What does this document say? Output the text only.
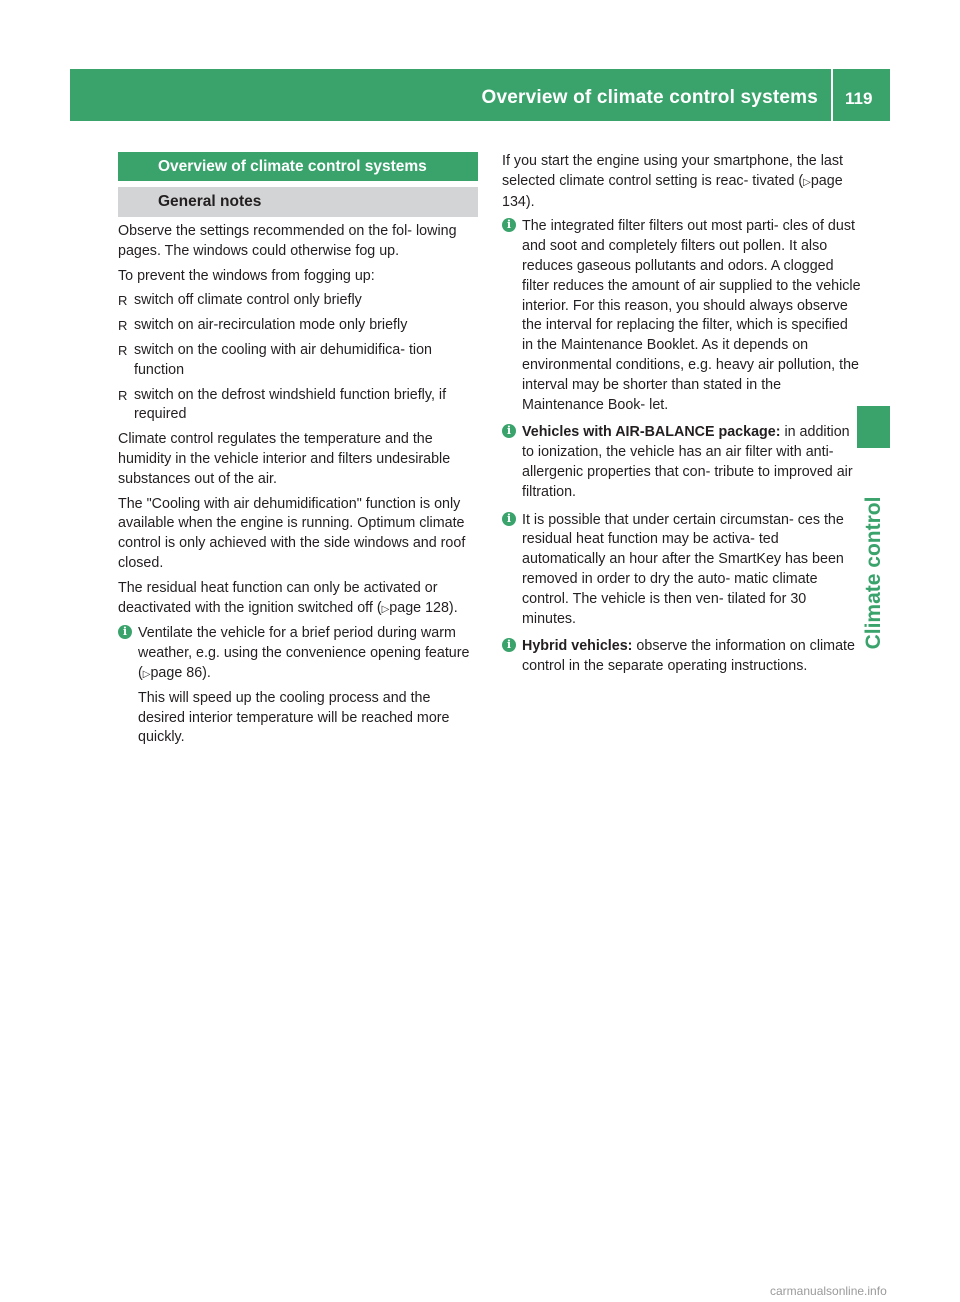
Overview of climate control systems 119
Climate control
Overview of climate control systems
General notes

Observe the settings recommended on the fol- lowing pages. The windows could otherwise fog up.

To prevent the windows from fogging up:

R switch off climate control only briefly
R switch on air-recirculation mode only briefly
R switch on the cooling with air dehumidifica- tion function
R switch on the defrost windshield function briefly, if required

Climate control regulates the temperature and the humidity in the vehicle interior and filters undesirable substances out of the air.

The "Cooling with air dehumidification" function is only available when the engine is running. Optimum climate control is only achieved with the side windows and roof closed.

The residual heat function can only be activated or deactivated with the ignition switched off (▷page 128).

i Ventilate the vehicle for a brief period during warm weather, e.g. using the convenience opening feature (▷page 86).

This will speed up the cooling process and the desired interior temperature will be reached more quickly.

If you start the engine using your smartphone, the last selected climate control setting is reac- tivated (▷page 134).

i The integrated filter filters out most parti- cles of dust and soot and completely filters out pollen. It also reduces gaseous pollutants and odors. A clogged filter reduces the amount of air supplied to the vehicle interior. For this reason, you should always observe the interval for replacing the filter, which is specified in the Maintenance Booklet. As it depends on environmental conditions, e.g. heavy air pollution, the interval may be shorter than stated in the Maintenance Book- let.

i Vehicles with AIR-BALANCE package: in addition to ionization, the vehicle has an air filter with anti-allergenic properties that con- tribute to improved air filtration.

i It is possible that under certain circumstan- ces the residual heat function may be activa- ted automatically an hour after the SmartKey has been removed in order to dry the auto- matic climate control. The vehicle is then ven- tilated for 30 minutes.

i Hybrid vehicles: observe the information on climate control in the separate operating instructions.

carmanualsonline.info
